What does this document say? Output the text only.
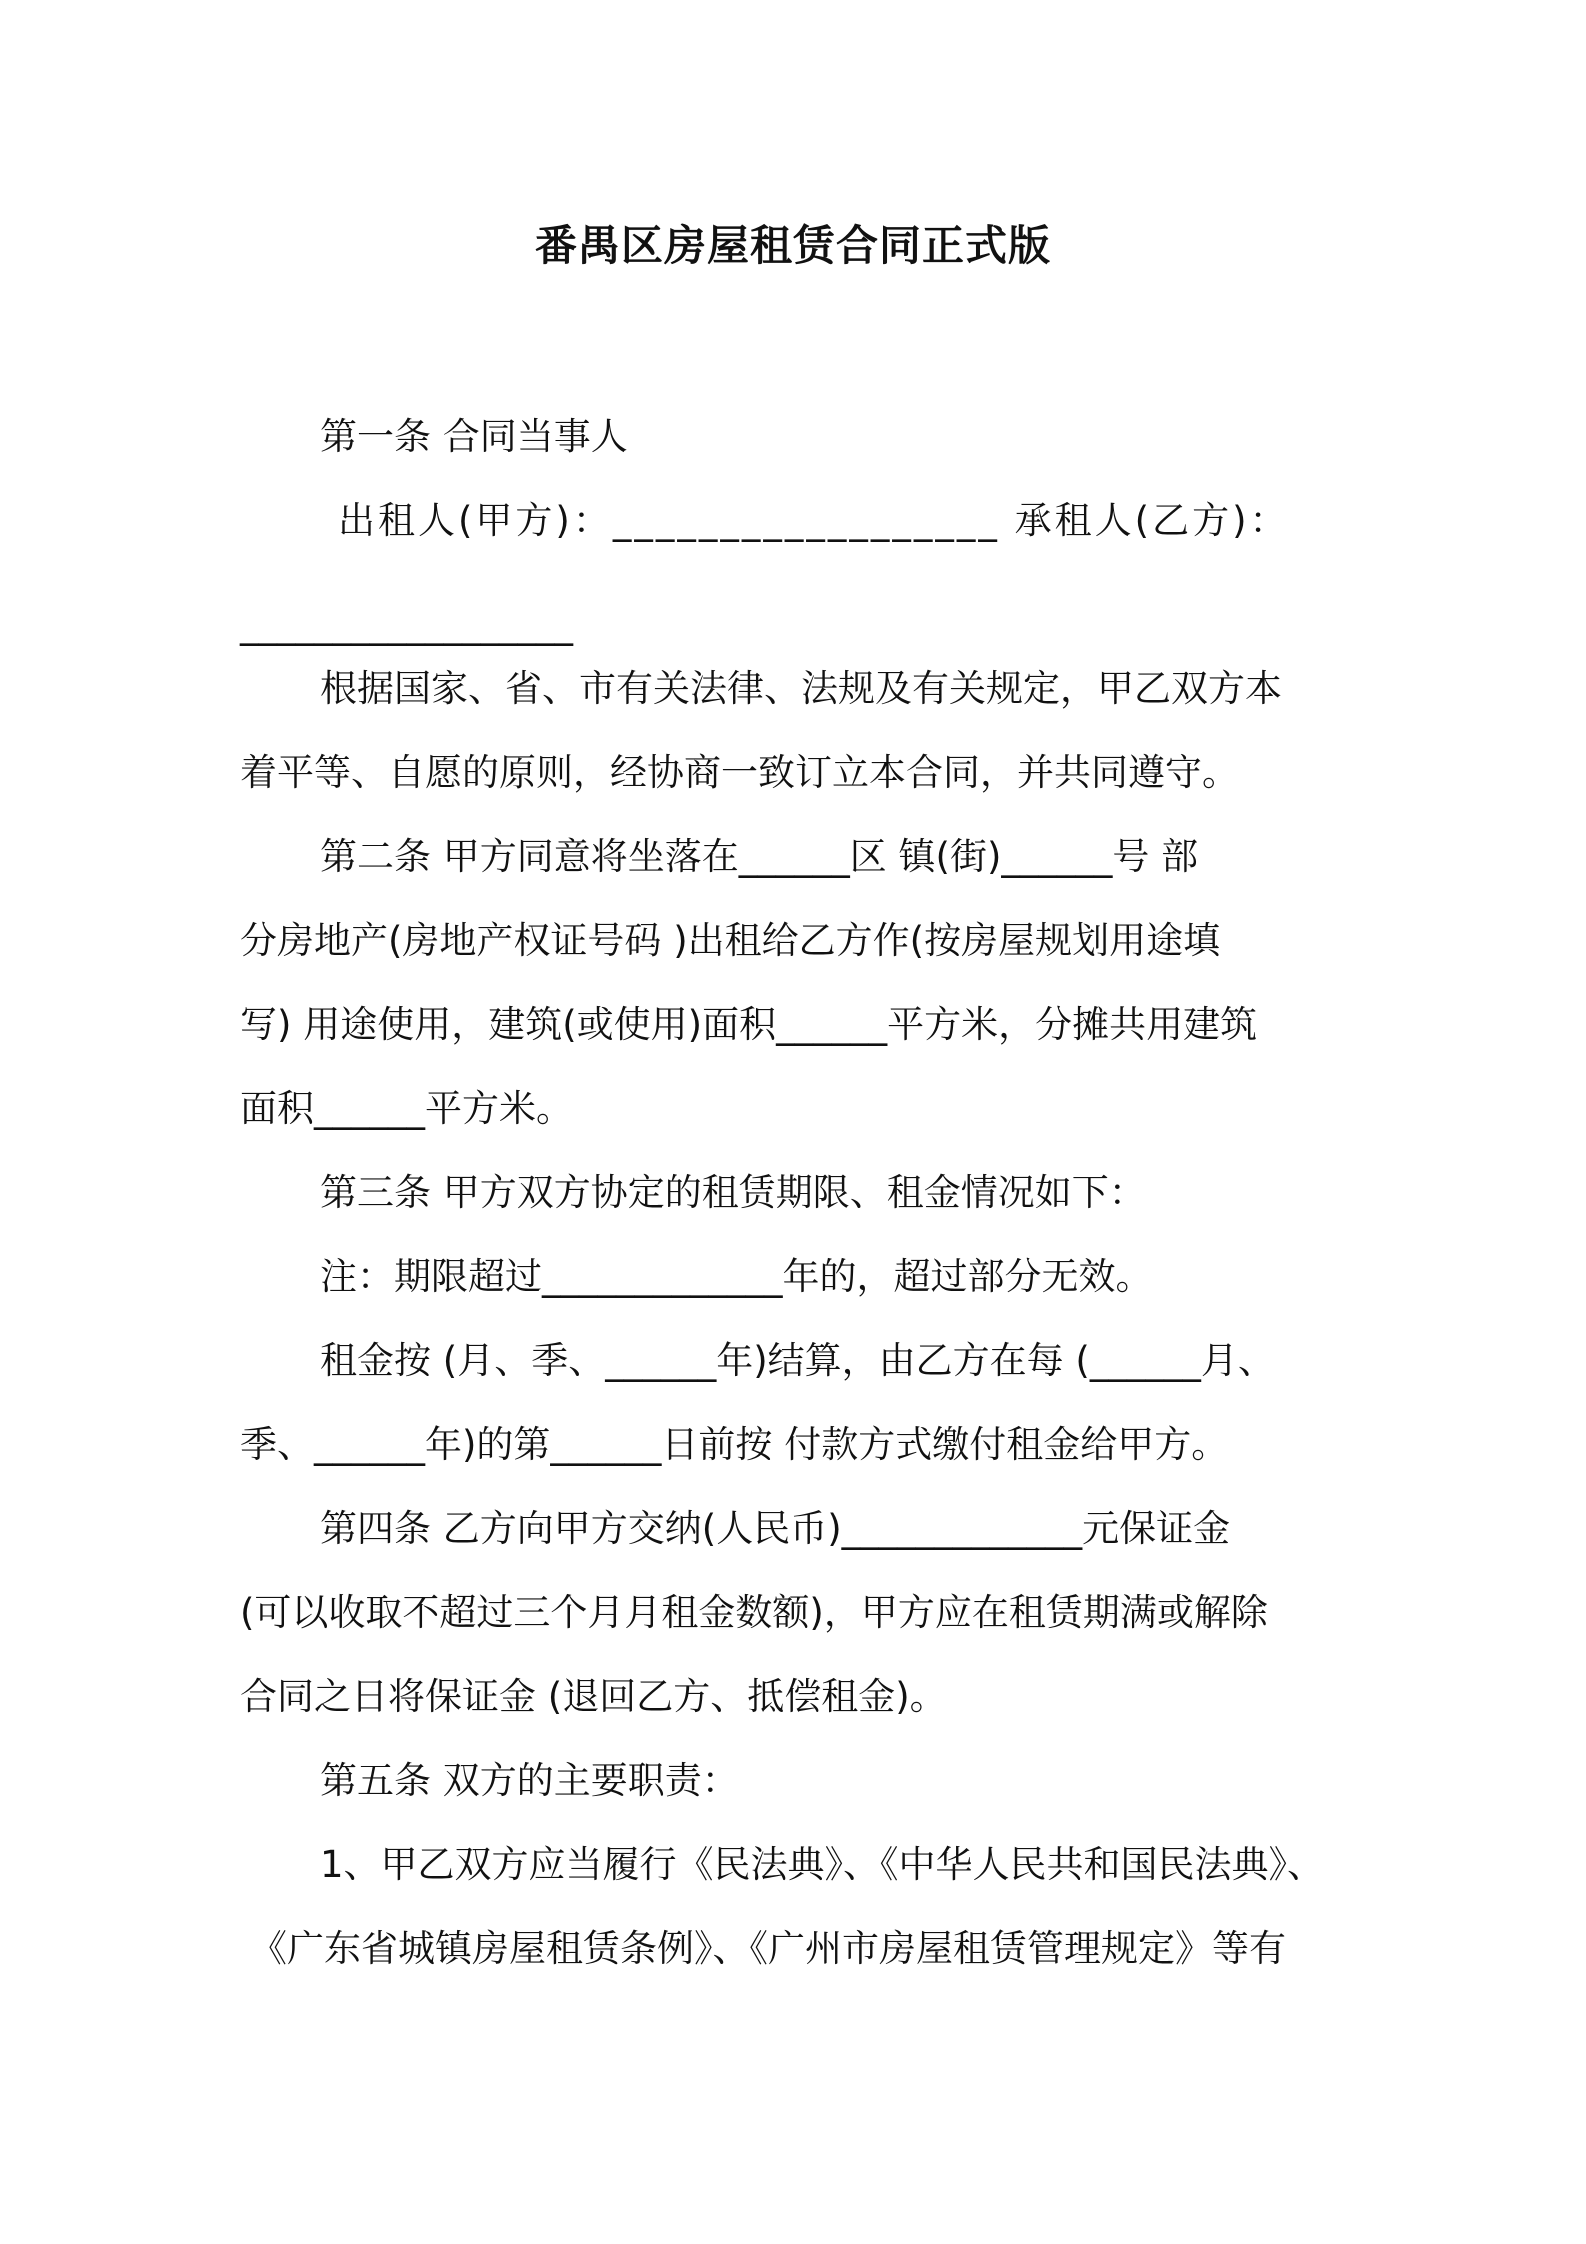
番禺区房屋租赁合同正式版

第一条 合同当事人

出租人(甲方)：__________________ 承租人(乙方)：

__________________

根据国家、省、市有关法律、法规及有关规定，甲乙双方本

着平等、自愿的原则，经协商一致订立本合同，并共同遵守。

第二条 甲方同意将坐落在______区 镇(街)______号 部

分房地产(房地产权证号码 )出租给乙方作(按房屋规划用途填

写) 用途使用，建筑(或使用)面积______平方米，分摊共用建筑

面积______平方米。

第三条 甲方双方协定的租赁期限、租金情况如下：

注：期限超过_____________年的，超过部分无效。

租金按 (月、季、______年)结算，由乙方在每 (______月、

季、______年)的第______日前按 付款方式缴付租金给甲方。

第四条 乙方向甲方交纳(人民币)_____________元保证金

(可以收取不超过三个月月租金数额)，甲方应在租赁期满或解除

合同之日将保证金 (退回乙方、抵偿租金)。

第五条 双方的主要职责：

1、甲乙双方应当履行《民法典》、《中华人民共和国民法典》、

《广东省城镇房屋租赁条例》、《广州市房屋租赁管理规定》等有
